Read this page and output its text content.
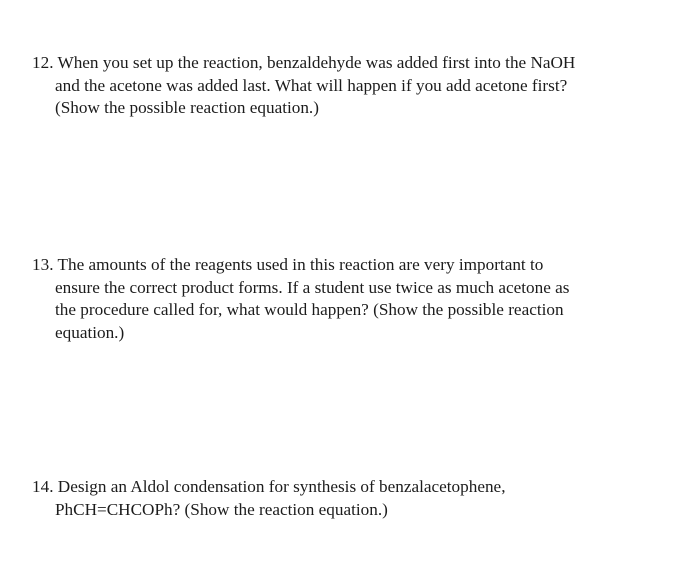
12. When you set up the reaction, benzaldehyde was added first into the NaOH
and the acetone was added last. What will happen if you add acetone first?
(Show the possible reaction equation.)
13. The amounts of the reagents used in this reaction are very important to
ensure the correct product forms. If a student use twice as much acetone as
the procedure called for, what would happen? (Show the possible reaction
equation.)
14. Design an Aldol condensation for synthesis of benzalacetophene,
PhCH=CHCOPh? (Show the reaction equation.)
